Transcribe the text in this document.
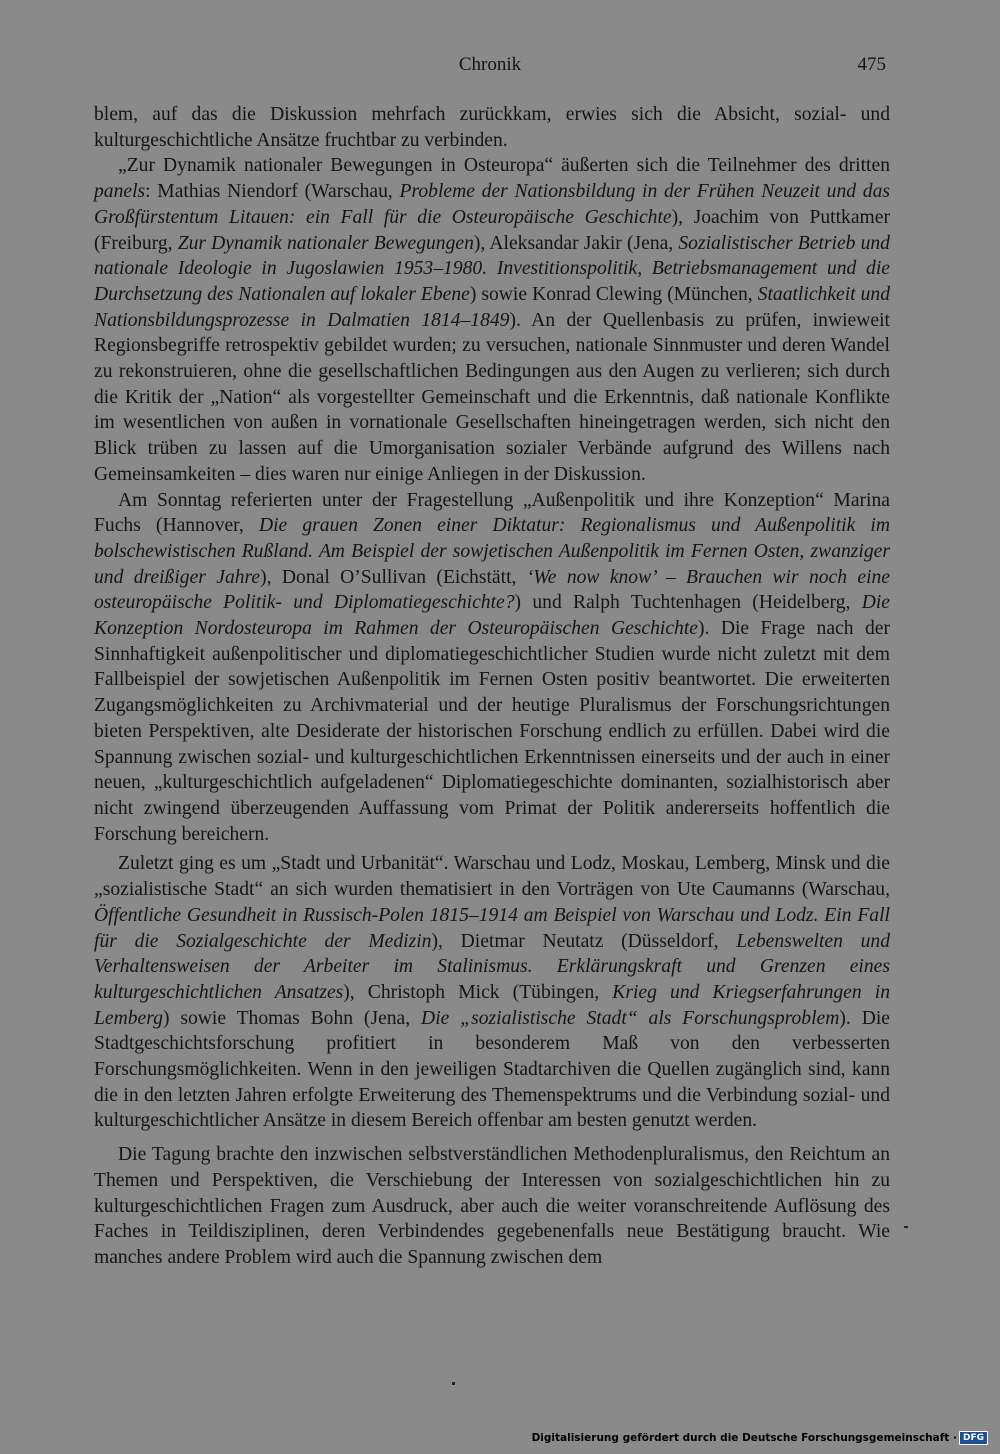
Chronik	475

blem, auf das die Diskussion mehrfach zurückkam, erwies sich die Absicht, sozial- und kulturgeschichtliche Ansätze fruchtbar zu verbinden.

„Zur Dynamik nationaler Bewegungen in Osteuropa“ äußerten sich die Teilnehmer des dritten panels: Mathias Niendorf (Warschau, Probleme der Nationsbildung in der Frühen Neuzeit und das Großfürstentum Litauen: ein Fall für die Osteuropäische Geschichte), Joachim von Puttkamer (Freiburg, Zur Dynamik nationaler Bewegungen), Aleksandar Jakir (Jena, Sozialistischer Betrieb und nationale Ideologie in Jugoslawien 1953–1980. Investitionspolitik, Betriebsmanagement und die Durchsetzung des Nationalen auf lokaler Ebene) sowie Konrad Clewing (München, Staatlichkeit und Nationsbildungsprozesse in Dalmatien 1814–1849). An der Quellenbasis zu prüfen, inwieweit Regionsbegriffe retrospektiv gebildet wurden; zu versuchen, nationale Sinnmuster und deren Wandel zu rekonstruieren, ohne die gesellschaftlichen Bedingungen aus den Augen zu verlieren; sich durch die Kritik der „Nation“ als vorgestellter Gemeinschaft und die Erkenntnis, daß nationale Konflikte im wesentlichen von außen in vornationale Gesellschaften hineingetragen werden, sich nicht den Blick trüben zu lassen auf die Umorganisation sozialer Verbände aufgrund des Willens nach Gemeinsamkeiten – dies waren nur einige Anliegen in der Diskussion.

Am Sonntag referierten unter der Fragestellung „Außenpolitik und ihre Konzeption“ Marina Fuchs (Hannover, Die grauen Zonen einer Diktatur: Regionalismus und Außenpolitik im bolschewistischen Rußland. Am Beispiel der sowjetischen Außenpolitik im Fernen Osten, zwanziger und dreißiger Jahre), Donal O’Sullivan (Eichstätt, ‘We now know’ – Brauchen wir noch eine osteuropäische Politik- und Diplomatiegeschichte?) und Ralph Tuchtenhagen (Heidelberg, Die Konzeption Nordosteuropa im Rahmen der Osteuropäischen Geschichte). Die Frage nach der Sinnhaftigkeit außenpolitischer und diplomatiegeschichtlicher Studien wurde nicht zuletzt mit dem Fallbeispiel der sowjetischen Außenpolitik im Fernen Osten positiv beantwortet. Die erweiterten Zugangsmöglichkeiten zu Archivmaterial und der heutige Pluralismus der Forschungsrichtungen bieten Perspektiven, alte Desiderate der historischen Forschung endlich zu erfüllen. Dabei wird die Spannung zwischen sozial- und kulturgeschichtlichen Erkenntnissen einerseits und der auch in einer neuen, „kulturgeschichtlich aufgeladenen“ Diplomatiegeschichte dominanten, sozialhistorisch aber nicht zwingend überzeugenden Auffassung vom Primat der Politik andererseits hoffentlich die Forschung bereichern.

Zuletzt ging es um „Stadt und Urbanität“. Warschau und Lodz, Moskau, Lemberg, Minsk und die „sozialistische Stadt“ an sich wurden thematisiert in den Vorträgen von Ute Caumanns (Warschau, Öffentliche Gesundheit in Russisch-Polen 1815–1914 am Beispiel von Warschau und Lodz. Ein Fall für die Sozialgeschichte der Medizin), Dietmar Neutatz (Düsseldorf, Lebenswelten und Verhaltensweisen der Arbeiter im Stalinismus. Erklärungskraft und Grenzen eines kulturgeschichtlichen Ansatzes), Christoph Mick (Tübingen, Krieg und Kriegserfahrungen in Lemberg) sowie Thomas Bohn (Jena, Die „sozialistische Stadt“ als Forschungsproblem). Die Stadtgeschichtsforschung profitiert in besonderem Maß von den verbesserten Forschungsmöglichkeiten. Wenn in den jeweiligen Stadtarchiven die Quellen zugänglich sind, kann die in den letzten Jahren erfolgte Erweiterung des Themenspektrums und die Verbindung sozial- und kulturgeschichtlicher Ansätze in diesem Bereich offenbar am besten genutzt werden.

Die Tagung brachte den inzwischen selbstverständlichen Methodenpluralismus, den Reichtum an Themen und Perspektiven, die Verschiebung der Interessen von sozialgeschichtlichen hin zu kulturgeschichtlichen Fragen zum Ausdruck, aber auch die weiter voranschreitende Auflösung des Faches in Teildisziplinen, deren Verbindendes gegebenenfalls neue Bestätigung braucht. Wie manches andere Problem wird auch die Spannung zwischen dem

Digitalisierung gefördert durch die Deutsche Forschungsgemeinschaft · DFG
